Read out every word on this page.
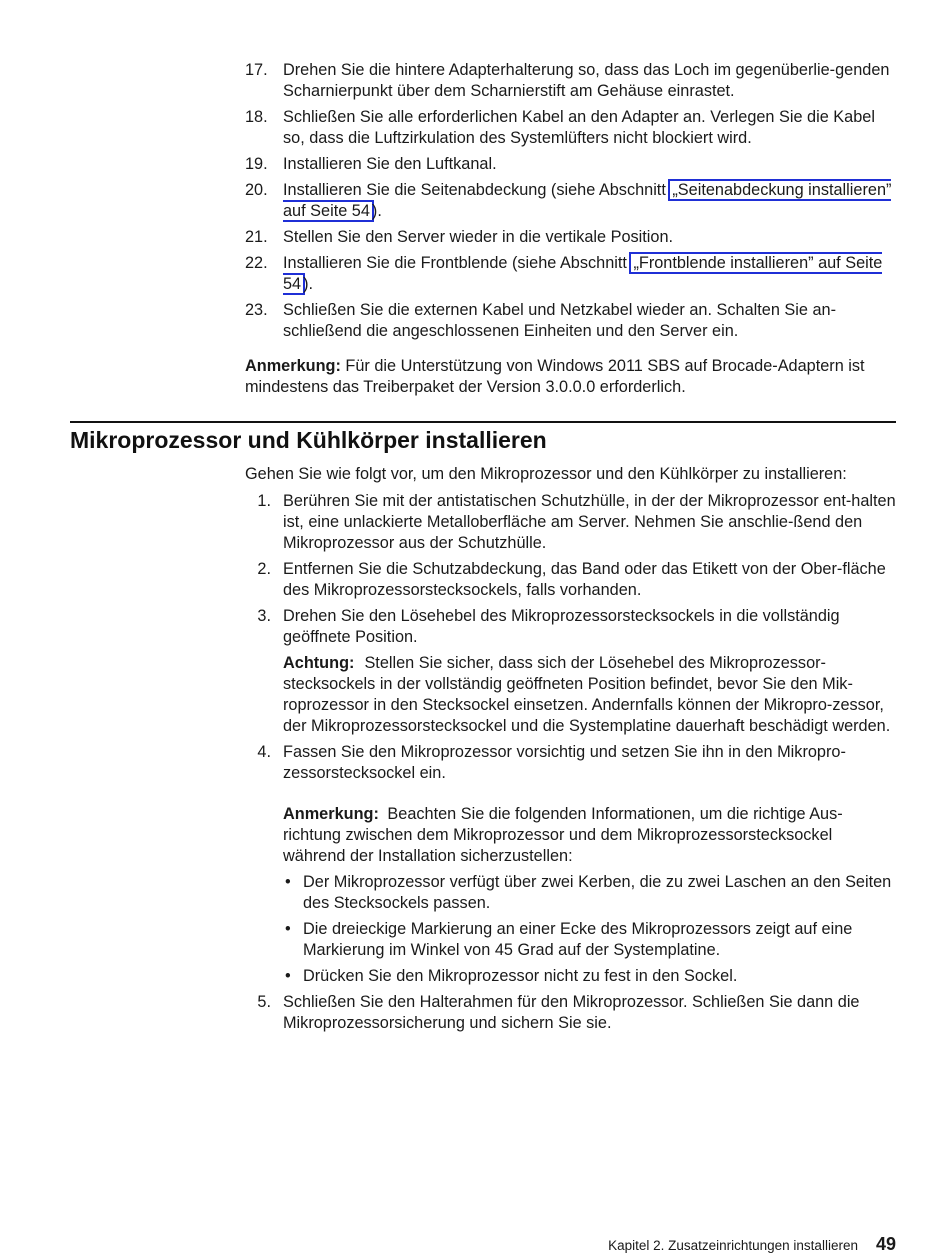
17. Drehen Sie die hintere Adapterhalterung so, dass das Loch im gegenüberlie-genden Scharnierpunkt über dem Scharnierstift am Gehäuse einrastet.
18. Schließen Sie alle erforderlichen Kabel an den Adapter an. Verlegen Sie die Kabel so, dass die Luftzirkulation des Systemlüfters nicht blockiert wird.
19. Installieren Sie den Luftkanal.
20. Installieren Sie die Seitenabdeckung (siehe Abschnitt „Seitenabdeckung installieren” auf Seite 54 ).
21. Stellen Sie den Server wieder in die vertikale Position.
22. Installieren Sie die Frontblende (siehe Abschnitt „Frontblende installieren” auf Seite 54 ).
23. Schließen Sie die externen Kabel und Netzkabel wieder an. Schalten Sie an-schließend die angeschlossenen Einheiten und den Server ein.
Anmerkung: Für die Unterstützung von Windows 2011 SBS auf Brocade-Adaptern ist mindestens das Treiberpaket der Version 3.0.0.0 erforderlich.
Mikroprozessor und Kühlkörper installieren
Gehen Sie wie folgt vor, um den Mikroprozessor und den Kühlkörper zu installieren:
1. Berühren Sie mit der antistatischen Schutzhülle, in der der Mikroprozessor ent-halten ist, eine unlackierte Metalloberfläche am Server. Nehmen Sie anschlie-ßend den Mikroprozessor aus der Schutzhülle.
2. Entfernen Sie die Schutzabdeckung, das Band oder das Etikett von der Ober-fläche des Mikroprozessorstecksockels, falls vorhanden.
3. Drehen Sie den Lösehebel des Mikroprozessorstecksockels in die vollständig geöffnete Position.
Achtung: Stellen Sie sicher, dass sich der Lösehebel des Mikroprozessor-stecksockels in der vollständig geöffneten Position befindet, bevor Sie den Mik-roprozessor in den Stecksockel einsetzen. Andernfalls können der Mikropro-zessor, der Mikroprozessorstecksockel und die Systemplatine dauerhaft beschädigt werden.
4. Fassen Sie den Mikroprozessor vorsichtig und setzen Sie ihn in den Mikropro-zessorstecksockel ein.
Anmerkung: Beachten Sie die folgenden Informationen, um die richtige Aus-richtung zwischen dem Mikroprozessor und dem Mikroprozessorstecksockel während der Installation sicherzustellen:
• Der Mikroprozessor verfügt über zwei Kerben, die zu zwei Laschen an den Seiten des Stecksockels passen.
• Die dreieckige Markierung an einer Ecke des Mikroprozessors zeigt auf eine Markierung im Winkel von 45 Grad auf der Systemplatine.
• Drücken Sie den Mikroprozessor nicht zu fest in den Sockel.
5. Schließen Sie den Halterahmen für den Mikroprozessor. Schließen Sie dann die Mikroprozessorsicherung und sichern Sie sie.
Kapitel 2. Zusatzeinrichtungen installieren 49
